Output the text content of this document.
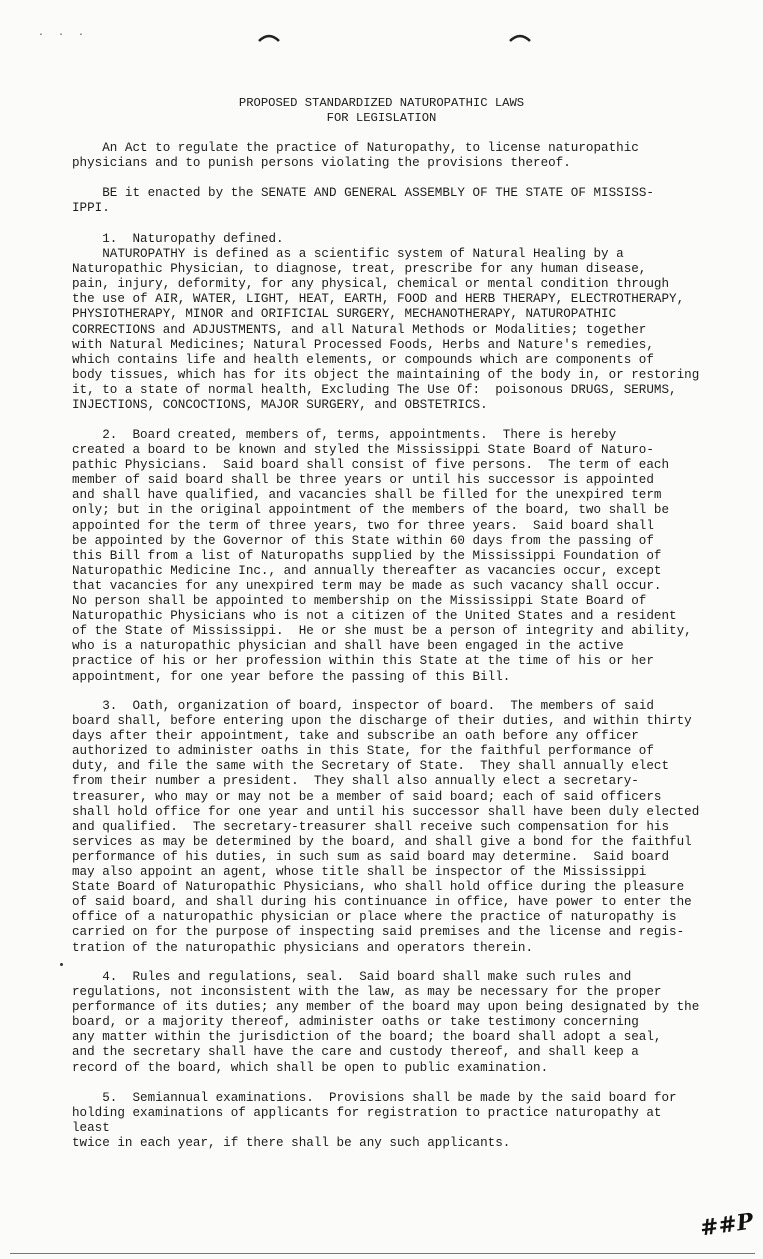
· · ·
PROPOSED STANDARDIZED NATUROPATHIC LAWS
FOR LEGISLATION

An Act to regulate the practice of Naturopathy, to license naturopathic
physicians and to punish persons violating the provisions thereof.

BE it enacted by the SENATE AND GENERAL ASSEMBLY OF THE STATE OF MISSISS-
IPPI.

1.  Naturopathy defined.
NATUROPATHY is defined as a scientific system of Natural Healing by a
Naturopathic Physician, to diagnose, treat, prescribe for any human disease,
pain, injury, deformity, for any physical, chemical or mental condition through
the use of AIR, WATER, LIGHT, HEAT, EARTH, FOOD and HERB THERAPY, ELECTROTHERAPY,
PHYSIOTHERAPY, MINOR and ORIFICIAL SURGERY, MECHANOTHERAPY, NATUROPATHIC
CORRECTIONS and ADJUSTMENTS, and all Natural Methods or Modalities; together
with Natural Medicines; Natural Processed Foods, Herbs and Nature's remedies,
which contains life and health elements, or compounds which are components of
body tissues, which has for its object the maintaining of the body in, or restoring
it, to a state of normal health, Excluding The Use Of:  poisonous DRUGS, SERUMS,
INJECTIONS, CONCOCTIONS, MAJOR SURGERY, and OBSTETRICS.

2.  Board created, members of, terms, appointments.  There is hereby
created a board to be known and styled the Mississippi State Board of Naturo-
pathic Physicians.  Said board shall consist of five persons.  The term of each
member of said board shall be three years or until his successor is appointed
and shall have qualified, and vacancies shall be filled for the unexpired term
only; but in the original appointment of the members of the board, two shall be
appointed for the term of three years, two for three years.  Said board shall
be appointed by the Governor of this State within 60 days from the passing of
this Bill from a list of Naturopaths supplied by the Mississippi Foundation of
Naturopathic Medicine Inc., and annually thereafter as vacancies occur, except
that vacancies for any unexpired term may be made as such vacancy shall occur.
No person shall be appointed to membership on the Mississippi State Board of
Naturopathic Physicians who is not a citizen of the United States and a resident
of the State of Mississippi.  He or she must be a person of integrity and ability,
who is a naturopathic physician and shall have been engaged in the active
practice of his or her profession within this State at the time of his or her
appointment, for one year before the passing of this Bill.

3.  Oath, organization of board, inspector of board.  The members of said
board shall, before entering upon the discharge of their duties, and within thirty
days after their appointment, take and subscribe an oath before any officer
authorized to administer oaths in this State, for the faithful performance of
duty, and file the same with the Secretary of State.  They shall annually elect
from their number a president.  They shall also annually elect a secretary-
treasurer, who may or may not be a member of said board; each of said officers
shall hold office for one year and until his successor shall have been duly elected
and qualified.  The secretary-treasurer shall receive such compensation for his
services as may be determined by the board, and shall give a bond for the faithful
performance of his duties, in such sum as said board may determine.  Said board
may also appoint an agent, whose title shall be inspector of the Mississippi
State Board of Naturopathic Physicians, who shall hold office during the pleasure
of said board, and shall during his continuance in office, have power to enter the
office of a naturopathic physician or place where the practice of naturopathy is
carried on for the purpose of inspecting said premises and the license and regis-
tration of the naturopathic physicians and operators therein.

4.  Rules and regulations, seal.  Said board shall make such rules and
regulations, not inconsistent with the law, as may be necessary for the proper
performance of its duties; any member of the board may upon being designated by the
board, or a majority thereof, administer oaths or take testimony concerning
any matter within the jurisdiction of the board; the board shall adopt a seal,
and the secretary shall have the care and custody thereof, and shall keep a
record of the board, which shall be open to public examination.

5.  Semiannual examinations.  Provisions shall be made by the said board for
holding examinations of applicants for registration to practice naturopathy at least
twice in each year, if there shall be any such applicants.

##P
